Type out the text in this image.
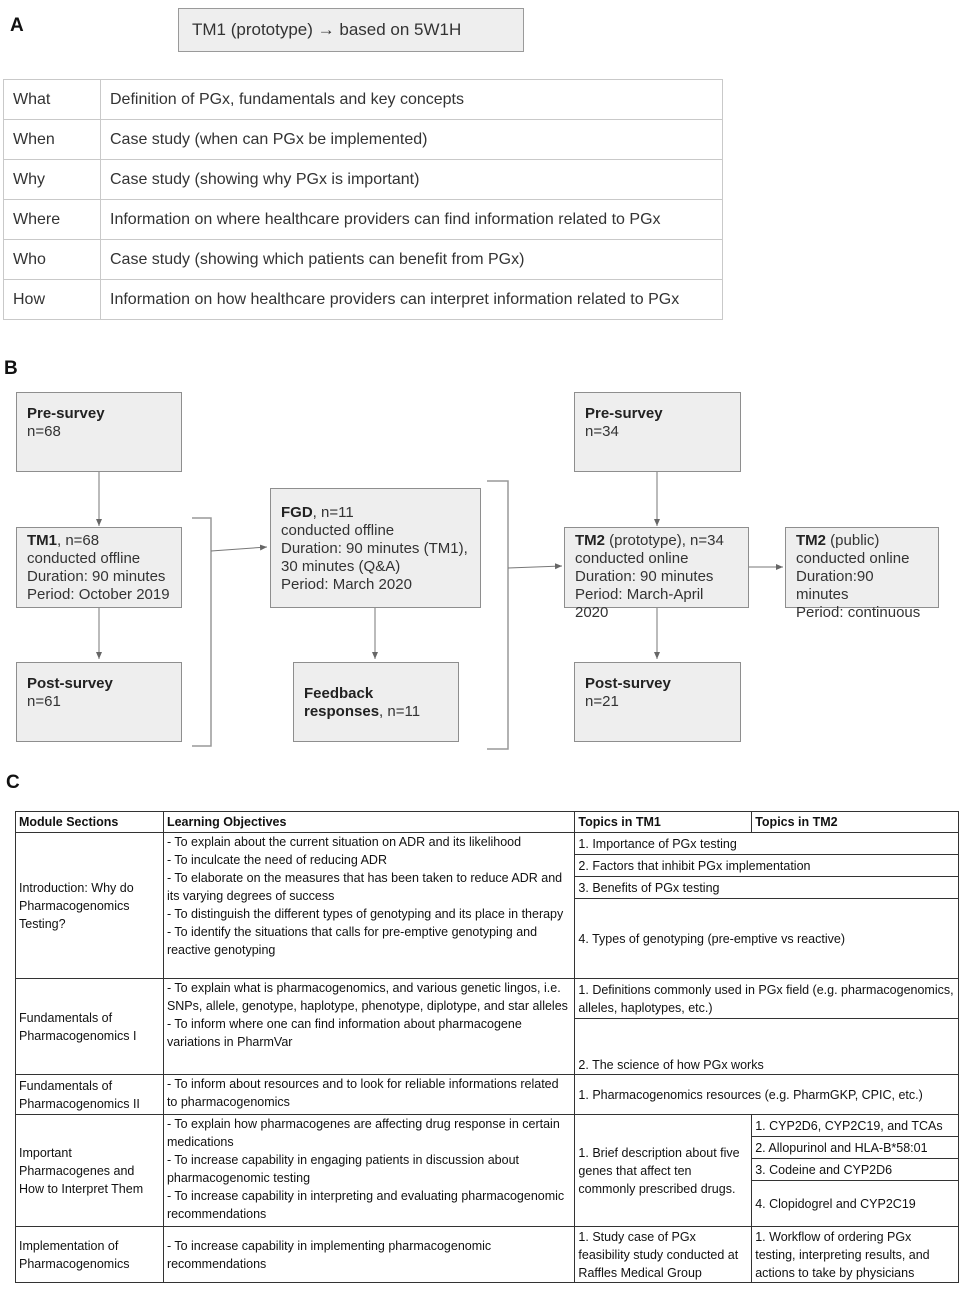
A	TM1 (prototype) → based on 5W1H
What	Definition of PGx, fundamentals and key concepts
When	Case study (when can PGx be implemented)
Why	Case study (showing why PGx is important)
Where	Information on where healthcare providers can find information related to PGx
Who	Case study (showing which patients can benefit from PGx)
How	Information on how healthcare providers can interpret information related to PGx
B
Pre-survey
n=68
TM1, n=68
conducted offline
Duration: 90 minutes
Period: October 2019
Post-survey
n=61
FGD, n=11
conducted offline
Duration: 90 minutes (TM1),
30 minutes (Q&A)
Period: March 2020
Feedback
responses, n=11
Pre-survey
n=34
TM2 (prototype), n=34
conducted online
Duration: 90 minutes
Period: March-April 2020
Post-survey
n=21
TM2 (public)
conducted online
Duration:90 minutes
Period: continuous
C
Module Sections	Learning Objectives	Topics in TM1	Topics in TM2
Introduction: Why do Pharmacogenomics Testing?	- To explain about the current situation on ADR and its likelihood
- To inculcate the need of reducing ADR
- To elaborate on the measures that has been taken to reduce ADR and its varying degrees of success
- To distinguish the different types of genotyping and its place in therapy
- To identify the situations that calls for pre-emptive genotyping and reactive genotyping	1. Importance of PGx testing	
		2. Factors that inhibit PGx implementation	
		3. Benefits of PGx testing	
		4. Types of genotyping (pre-emptive vs reactive)	
Fundamentals of Pharmacogenomics I	- To explain what is pharmacogenomics, and various genetic lingos, i.e. SNPs, allele, genotype, haplotype, phenotype, diplotype, and star alleles
- To inform where one can find information about pharmacogene variations in PharmVar	1. Definitions commonly used in PGx field (e.g. pharmacogenomics, alleles, haplotypes, etc.)	
		2. The science of how PGx works	
Fundamentals of Pharmacogenomics II	- To inform about resources and to look for reliable informations related to pharmacogenomics	1. Pharmacogenomics resources (e.g. PharmGKP, CPIC, etc.)	
Important Pharmacogenes and How to Interpret Them	- To explain how pharmacogenes are affecting drug response in certain medications
- To increase capability in engaging patients in discussion about pharmacogenomic testing
- To increase capability in interpreting and evaluating pharmacogenomic recommendations	1. Brief description about five genes that affect ten commonly prescribed drugs.	1. CYP2D6, CYP2C19, and TCAs
			2. Allopurinol and HLA-B*58:01
			3. Codeine and CYP2D6
			4. Clopidogrel and CYP2C19
Implementation of Pharmacogenomics	- To increase capability in implementing pharmacogenomic recommendations	1. Study case of PGx feasibility study conducted at Raffles Medical Group	1. Workflow of ordering PGx testing, interpreting results, and actions to take by physicians
